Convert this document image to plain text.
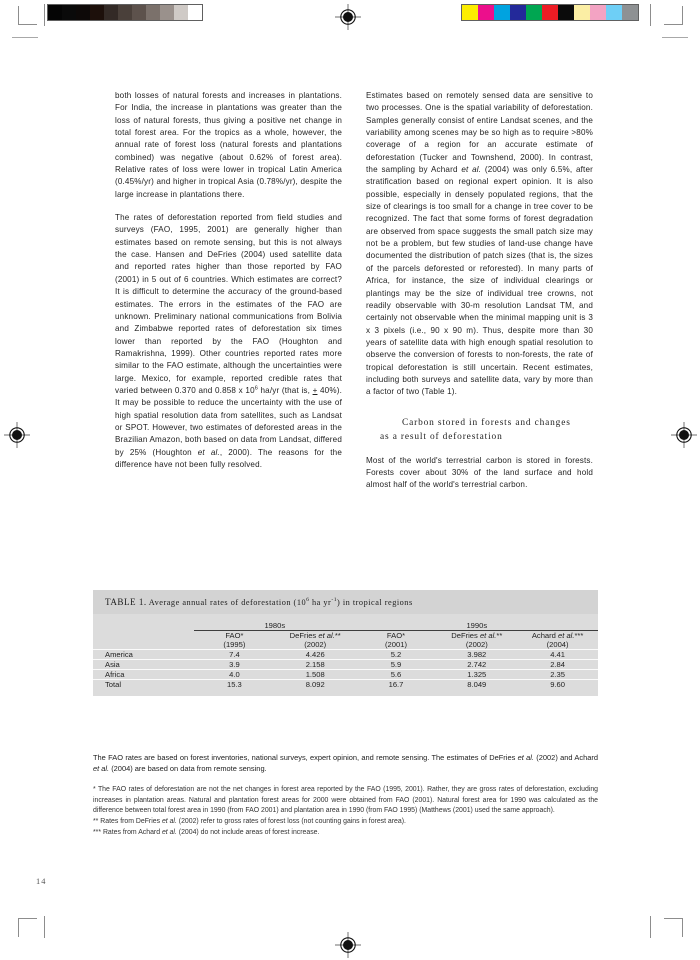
both losses of natural forests and increases in plantations. For India, the increase in plantations was greater than the loss of natural forests, thus giving a positive net change in total forest area. For the tropics as a whole, however, the annual rate of forest loss (natural forests and plantations combined) was negative (about 0.62% of forest area). Relative rates of loss were lower in tropical Latin America (0.45%/yr) and higher in tropical Asia (0.78%/yr), despite the large increase in plantations there.

The rates of deforestation reported from field studies and surveys (FAO, 1995, 2001) are generally higher than estimates based on remote sensing, but this is not always the case. Hansen and DeFries (2004) used satellite data and reported rates higher than those reported by FAO (2001) in 5 out of 6 countries. Which estimates are correct? It is difficult to determine the accuracy of the ground-based estimates. The errors in the estimates of the FAO are unknown. Preliminary national communications from Bolivia and Zimbabwe reported rates of deforestation six times lower than reported by the FAO (Houghton and Ramakrishna, 1999). Other countries reported rates more similar to the FAO estimate, although the uncertainties were large. Mexico, for example, reported credible rates that varied between 0.370 and 0.858 x $10^6$ ha/yr (that is, + 40%). It may be possible to reduce the uncertainty with the use of high spatial resolution data from satellites, such as Landsat or SPOT. However, two estimates of deforested areas in the Brazilian Amazon, both based on data from Landsat, differed by 25% (Houghton et al., 2000). The reasons for the difference have not been fully resolved.

Estimates based on remotely sensed data are sensitive to two processes. One is the spatial variability of deforestation. Samples generally consist of entire Landsat scenes, and the variability among scenes may be so high as to require >80% coverage of a region for an accurate estimate of deforestation (Tucker and Townshend, 2000). In contrast, the sampling by Achard et al. (2004) was only 6.5%, after stratification based on regional expert opinion. It is also possible, especially in densely populated regions, that the size of clearings is too small for a change in tree cover to be recognized. The fact that some forms of forest degradation are observed from space suggests the small patch size may not be a problem, but few studies of land-use change have documented the distribution of patch sizes (that is, the sizes of the parcels deforested or reforested). In many parts of Africa, for instance, the size of individual clearings or plantings may be the size of individual tree crowns, not readily observable with 30-m resolution Landsat TM, and certainly not observable when the minimal mapping unit is 3 x 3 pixels (i.e., 90 x 90 m). Thus, despite more than 30 years of satellite data with high enough spatial resolution to observe the conversion of forests to non-forests, the rate of tropical deforestation is still uncertain. Recent estimates, including both surveys and satellite data, vary by more than a factor of two (Table 1).

Carbon stored in forests and changes
as a result of deforestation

Most of the world's terrestrial carbon is stored in forests. Forests cover about 30% of the land surface and hold almost half of the world's terrestrial carbon.

TABLE 1. Average annual rates of deforestation ($10^6$ ha $yr^{-1}$) in tropical regions
	1980s		1990s		
	FAO*	DeFries et al.**	FAO*	DeFries et al.**	Achard et al.***
	(1995)	(2002)	(2001)	(2002)	(2004)
America	7.4	4.426	5.2	3.982	4.41
Asia	3.9	2.158	5.9	2.742	2.84
Africa	4.0	1.508	5.6	1.325	2.35
Total	15.3	8.092	16.7	8.049	9.60

The FAO rates are based on forest inventories, national surveys, expert opinion, and remote sensing. The estimates of DeFries et al. (2002) and Achard et al. (2004) are based on data from remote sensing.

* The FAO rates of deforestation are not the net changes in forest area reported by the FAO (1995, 2001). Rather, they are gross rates of deforestation, excluding increases in plantation areas. Natural and plantation forest areas for 2000 were obtained from FAO (2001). Natural forest area for 1990 was calculated as the difference between total forest area in 1990 (from FAO 2001) and plantation area in 1990 (from FAO 1995) (Matthews (2001) used the same approach).
** Rates from DeFries et al. (2002) refer to gross rates of forest loss (not counting gains in forest area).
*** Rates from Achard et al. (2004) do not include areas of forest increase.

14
